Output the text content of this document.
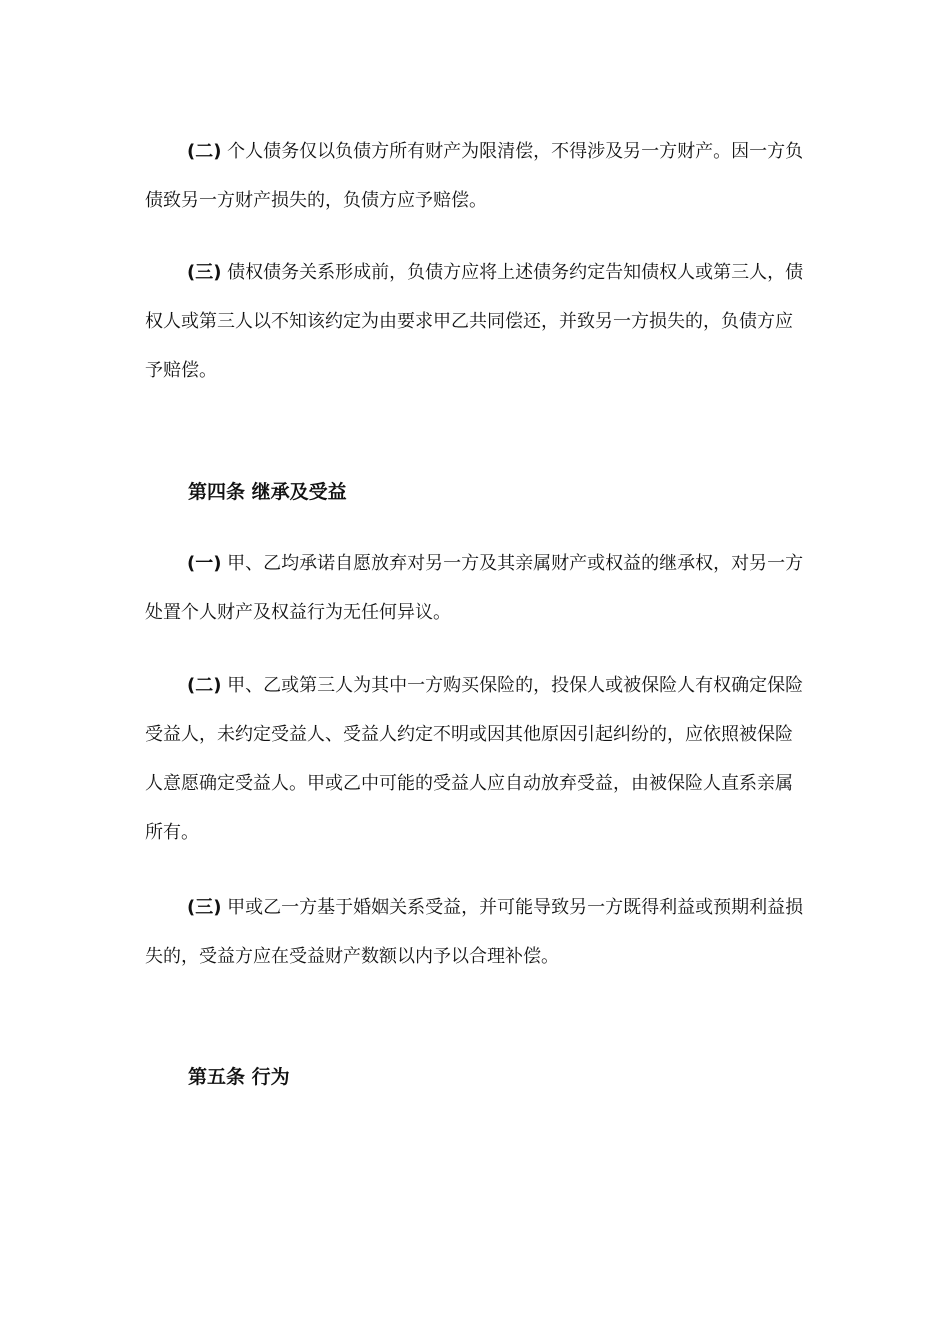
(二) 个人债务仅以负债方所有财产为限清偿，不得涉及另一方财产。因一方负债致另一方财产损失的，负债方应予赔偿。

(三) 债权债务关系形成前，负债方应将上述债务约定告知债权人或第三人，债权人或第三人以不知该约定为由要求甲乙共同偿还，并致另一方损失的，负债方应予赔偿。

第四条 继承及受益

(一) 甲、乙均承诺自愿放弃对另一方及其亲属财产或权益的继承权，对另一方处置个人财产及权益行为无任何异议。

(二) 甲、乙或第三人为其中一方购买保险的，投保人或被保险人有权确定保险受益人，未约定受益人、受益人约定不明或因其他原因引起纠纷的，应依照被保险人意愿确定受益人。甲或乙中可能的受益人应自动放弃受益，由被保险人直系亲属所有。

(三) 甲或乙一方基于婚姻关系受益，并可能导致另一方既得利益或预期利益损失的，受益方应在受益财产数额以内予以合理补偿。

第五条 行为
